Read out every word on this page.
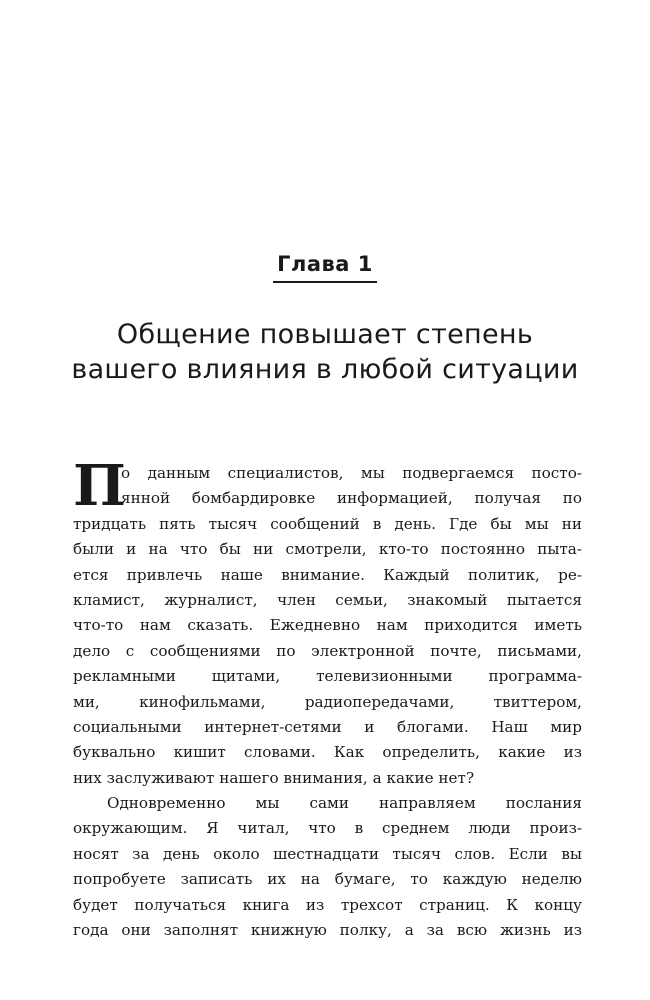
Глава 1
Общение повышает степень
вашего влияния в любой ситуации
П
о данным специалистов, мы подвергаемся посто-
янной бомбардировке информацией, получая по
тридцать пять тысяч сообщений в день. Где бы мы ни
были и на что бы ни смотрели, кто-то постоянно пыта-
ется привлечь наше внимание. Каждый политик, ре-
кламист, журналист, член семьи, знакомый пытается
что-то нам сказать. Ежедневно нам приходится иметь
дело с сообщениями по электронной почте, письмами,
рекламными щитами, телевизионными программа-
ми, кинофильмами, радиопередачами, твиттером,
социальными интернет-сетями и блогами. Наш мир
буквально кишит словами. Как определить, какие из
них заслуживают нашего внимания, а какие нет?
Одновременно мы сами направляем послания
окружающим. Я читал, что в среднем люди произ-
носят за день около шестнадцати тысяч слов. Если вы
попробуете записать их на бумаге, то каждую неделю
будет получаться книга из трехсот страниц. К концу
года они заполнят книжную полку, а за всю жизнь из
